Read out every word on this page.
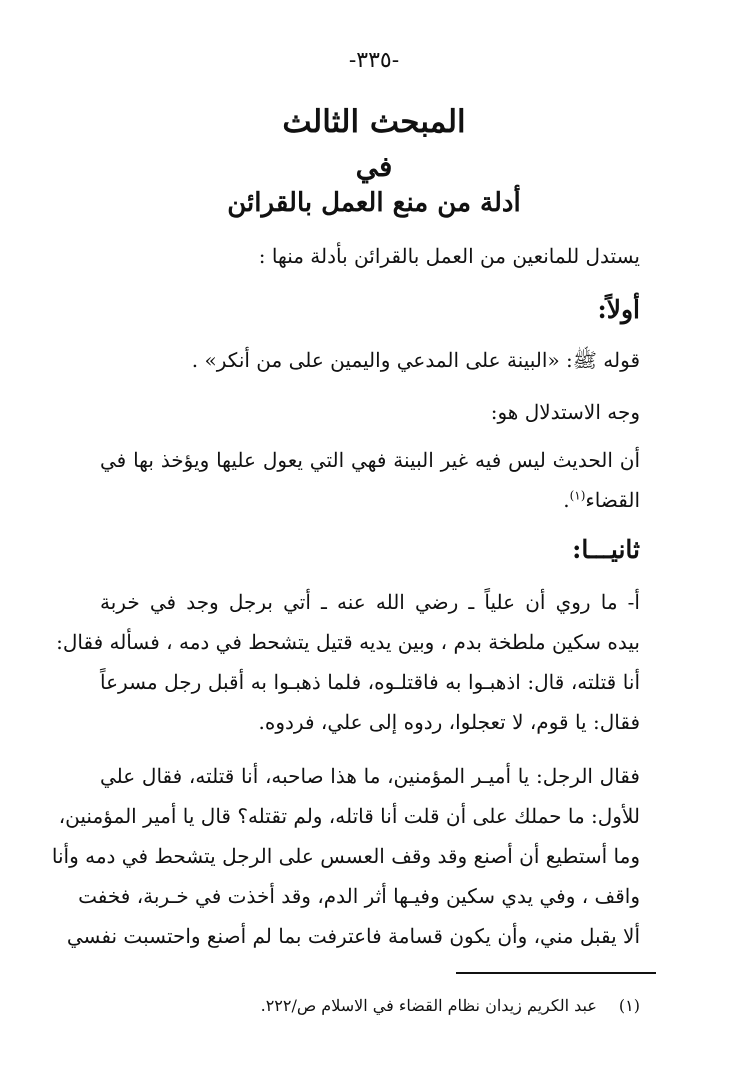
-٣٣٥-
المبحث الثالث
في
أدلة من منع العمل بالقرائن
يستدل للمانعين من العمل بالقرائن بأدلة منها :
أولاً:
قوله ﷺ: «البينة على المدعي واليمين على من أنكر» .
وجه الاستدلال هو:
أن الحديث ليس فيه غير البينة فهي التي يعول عليها ويؤخذ بها في
القضاء$^{(١)}$.
ثانيـــا:
أ- ما روي أن علياً ـ رضي الله عنه ـ أتي برجل وجد في خربة
بيده سكين ملطخة بدم ، وبين يديه قتيل يتشحط في دمه ، فسأله فقال:
أنا قتلته، قال: اذهبـوا به فاقتلـوه، فلما ذهبـوا به أقبل رجل مسرعاً
فقال: يا قوم، لا تعجلوا، ردوه إلى علي، فردوه.
فقال الرجل: يا أميـر المؤمنين، ما هذا صاحبه، أنا قتلته، فقال علي
للأول: ما حملك على أن قلت أنا قاتله، ولم تقتله؟ قال يا أمير المؤمنين،
وما أستطيع أن أصنع وقد وقف العسس على الرجل يتشحط في دمه وأنا
واقف ، وفي يدي سكين وفيـها أثر الدم، وقد أخذت في خـربة، فخفت
ألا يقبل مني، وأن يكون قسامة فاعترفت بما لم أصنع واحتسبت نفسي
(١)عبد الكريم زيدان نظام القضاء في الاسلام ص/٢٢٢.
